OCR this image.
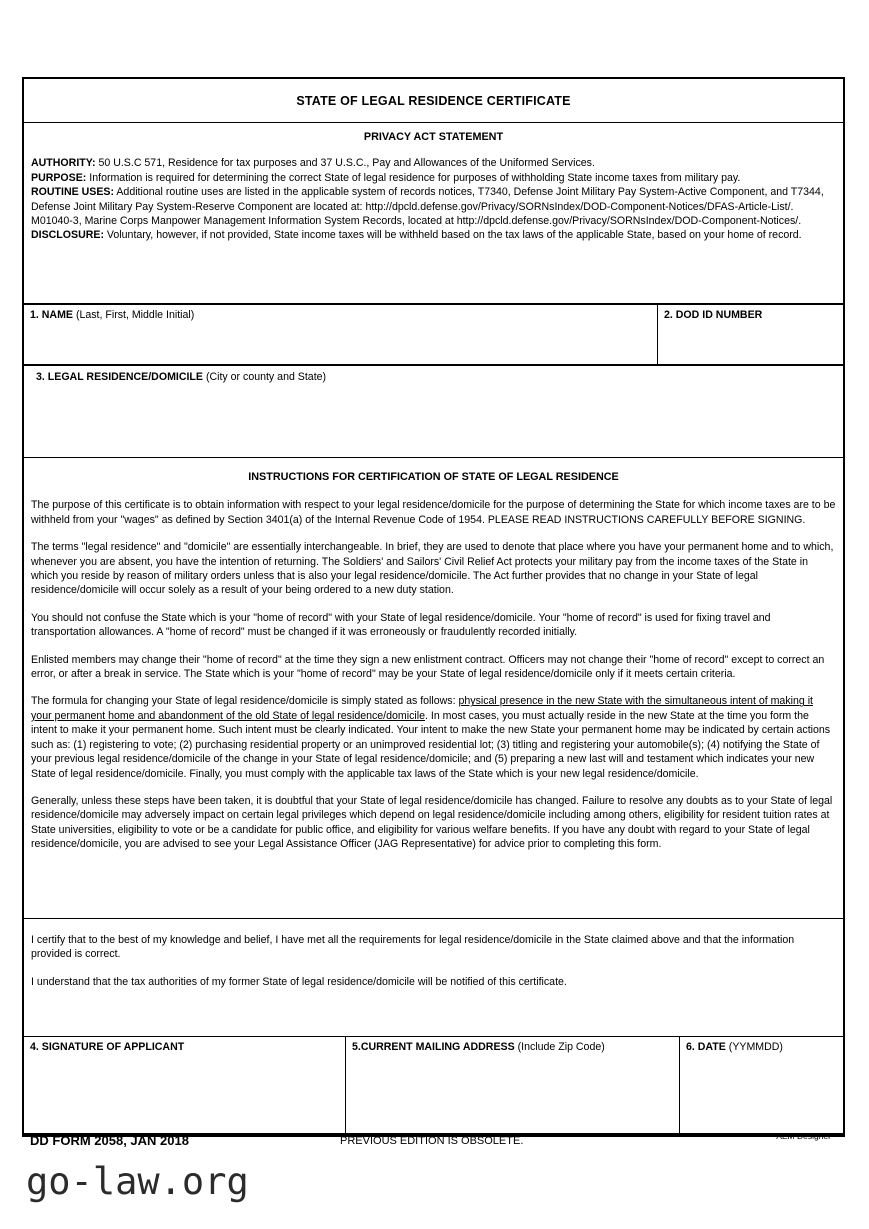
STATE OF LEGAL RESIDENCE CERTIFICATE
PRIVACY ACT STATEMENT

AUTHORITY: 50 U.S.C 571, Residence for tax purposes and 37 U.S.C., Pay and Allowances of the Uniformed Services.

PURPOSE: Information is required for determining the correct State of legal residence for purposes of withholding State income taxes from military pay.

ROUTINE USES: Additional routine uses are listed in the applicable system of records notices, T7340, Defense Joint Military Pay System-Active Component, and T7344, Defense Joint Military Pay System-Reserve Component are located at: http://dpcld.defense.gov/Privacy/SORNsIndex/DOD-Component-Notices/DFAS-Article-List/. M01040-3, Marine Corps Manpower Management Information System Records, located at http://dpcld.defense.gov/Privacy/SORNsIndex/DOD-Component-Notices/.

DISCLOSURE: Voluntary, however, if not provided, State income taxes will be withheld based on the tax laws of the applicable State, based on your home of record.

1. NAME (Last, First, Middle Initial)	2. DOD ID NUMBER
3. LEGAL RESIDENCE/DOMICILE (City or county and State)
INSTRUCTIONS FOR CERTIFICATION OF STATE OF LEGAL RESIDENCE

The purpose of this certificate is to obtain information with respect to your legal residence/domicile for the purpose of determining the State for which income taxes are to be withheld from your "wages" as defined by Section 3401(a) of the Internal Revenue Code of 1954. PLEASE READ INSTRUCTIONS CAREFULLY BEFORE SIGNING.

The terms "legal residence" and "domicile" are essentially interchangeable. In brief, they are used to denote that place where you have your permanent home and to which, whenever you are absent, you have the intention of returning. The Soldiers' and Sailors' Civil Relief Act protects your military pay from the income taxes of the State in which you reside by reason of military orders unless that is also your legal residence/domicile. The Act further provides that no change in your State of legal residence/domicile will occur solely as a result of your being ordered to a new duty station.

You should not confuse the State which is your "home of record" with your State of legal residence/domicile. Your "home of record" is used for fixing travel and transportation allowances. A "home of record" must be changed if it was erroneously or fraudulently recorded initially.

Enlisted members may change their "home of record" at the time they sign a new enlistment contract. Officers may not change their "home of record" except to correct an error, or after a break in service. The State which is your "home of record" may be your State of legal residence/domicile only if it meets certain criteria.

The formula for changing your State of legal residence/domicile is simply stated as follows: physical presence in the new State with the simultaneous intent of making it your permanent home and abandonment of the old State of legal residence/domicile. In most cases, you must actually reside in the new State at the time you form the intent to make it your permanent home. Such intent must be clearly indicated. Your intent to make the new State your permanent home may be indicated by certain actions such as: (1) registering to vote; (2) purchasing residential property or an unimproved residential lot; (3) titling and registering your automobile(s); (4) notifying the State of your previous legal residence/domicile of the change in your State of legal residence/domicile; and (5) preparing a new last will and testament which indicates your new State of legal residence/domicile. Finally, you must comply with the applicable tax laws of the State which is your new legal residence/domicile.

Generally, unless these steps have been taken, it is doubtful that your State of legal residence/domicile has changed. Failure to resolve any doubts as to your State of legal residence/domicile may adversely impact on certain legal privileges which depend on legal residence/domicile including among others, eligibility for resident tuition rates at State universities, eligibility to vote or be a candidate for public office, and eligibility for various welfare benefits. If you have any doubt with regard to your State of legal residence/domicile, you are advised to see your Legal Assistance Officer (JAG Representative) for advice prior to completing this form.

I certify that to the best of my knowledge and belief, I have met all the requirements for legal residence/domicile in the State claimed above and that the information provided is correct.

I understand that the tax authorities of my former State of legal residence/domicile will be notified of this certificate.

4. SIGNATURE OF APPLICANT	5.CURRENT MAILING ADDRESS (Include Zip Code)	6. DATE (YYMMDD)
DD FORM 2058, JAN 2018	PREVIOUS EDITION IS OBSOLETE.	AEM Designer
go-law.org
